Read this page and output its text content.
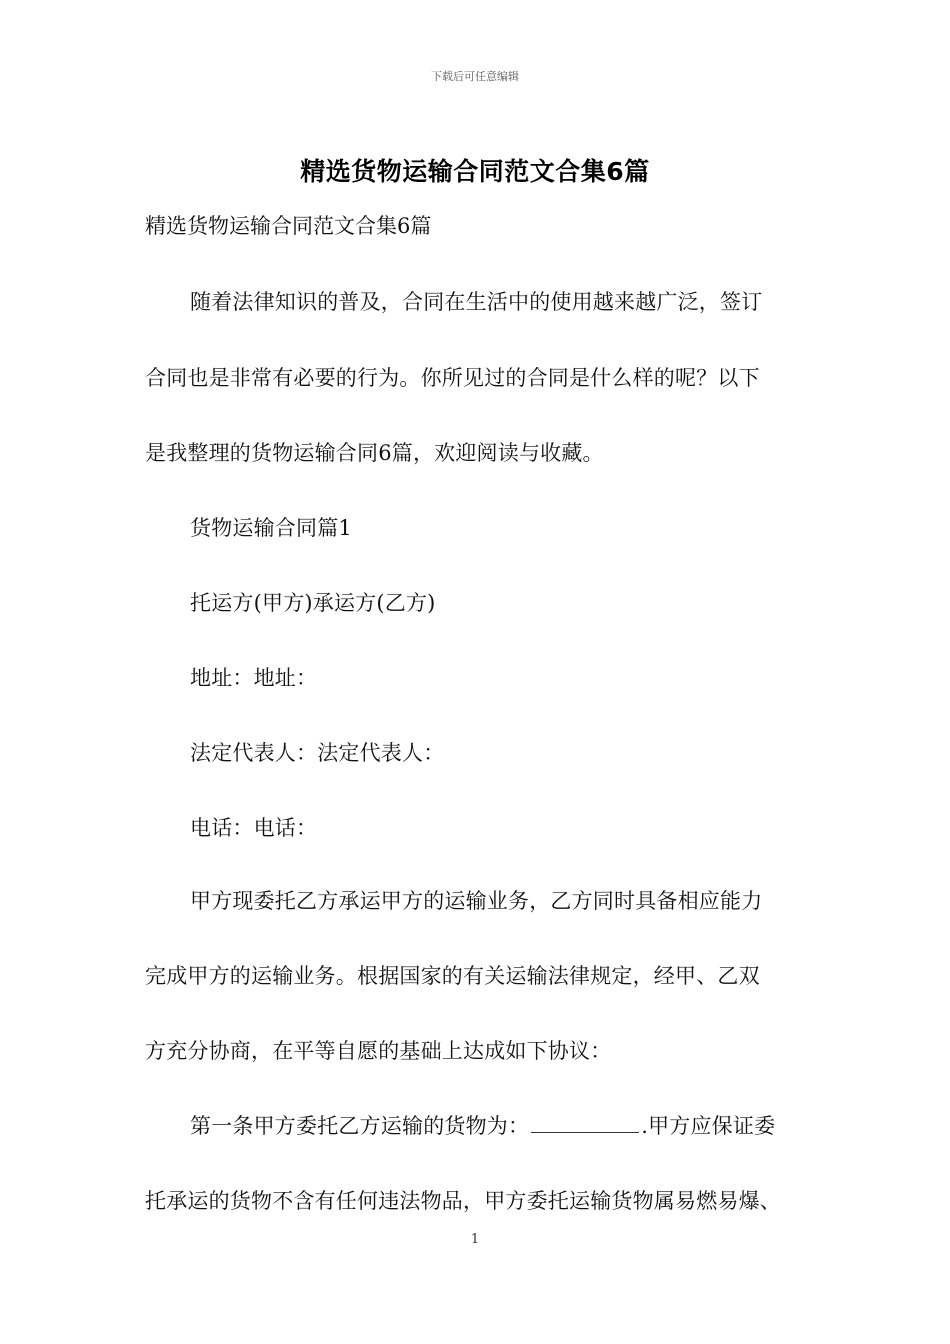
下载后可任意编辑
精选货物运输合同范文合集6篇
精选货物运输合同范文合集6篇
随着法律知识的普及，合同在生活中的使用越来越广泛，签订
合同也是非常有必要的行为。你所见过的合同是什么样的呢？以下
是我整理的货物运输合同6篇，欢迎阅读与收藏。
货物运输合同篇1
托运方(甲方)承运方(乙方)
地址：地址：
法定代表人：法定代表人：
电话：电话：
甲方现委托乙方承运甲方的运输业务，乙方同时具备相应能力
完成甲方的运输业务。根据国家的有关运输法律规定，经甲、乙双
方充分协商，在平等自愿的基础上达成如下协议：
第一条甲方委托乙方运输的货物为：	.甲方应保证委
托承运的货物不含有任何违法物品，甲方委托运输货物属易燃易爆、
1
